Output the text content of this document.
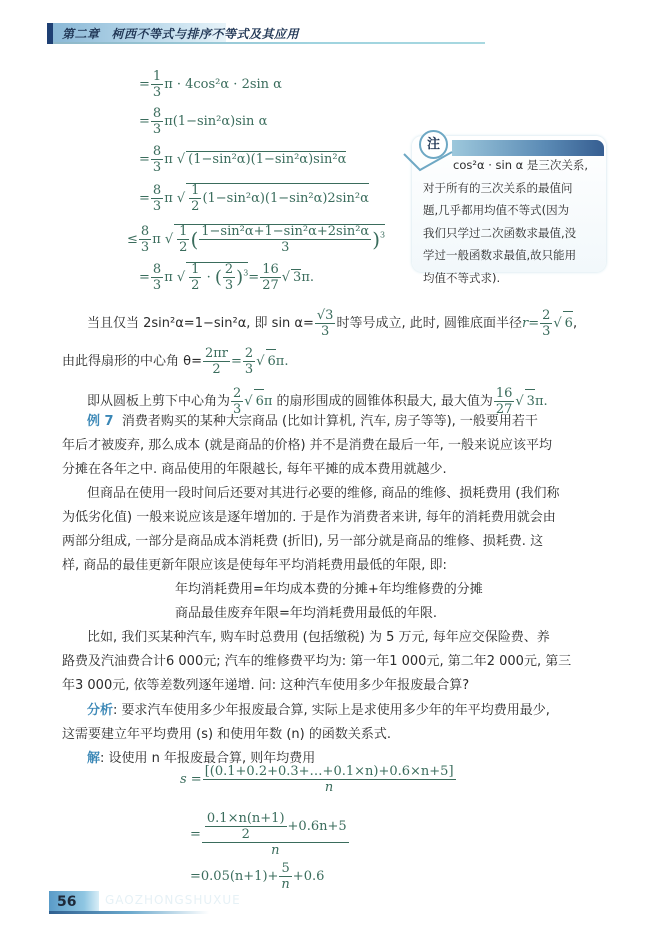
第二章 柯西不等式与排序不等式及其应用
= $\frac{1}{3}$ π · 4cos²α · 2sin α
= $\frac{8}{3} \pi(1-\sin^2\alpha)\sin$ α
= $\frac{8}{3}$ π √ (1−sin²α)(1−sin²α)sin²α
= $\frac{8}{3}$ π √ $\frac{1}{2} (1-\sin^2\alpha)(1-\sin^2\alpha)2\sin^2\alpha$
≤ $\frac{8}{3}$ π √ $\frac{1}{2}$ ( $\frac{\text{1−sin²α+1−sin²α+2sin²α}}{3} )^3$
= $\frac{8}{3}$ π √ $\frac{1}{2}$ · ( $\frac{2}{3} )^3= \frac{16}{27}$ √ 3π.
注
cos²α · sin α 是三次关系,
对于所有的三次关系的最值问
题,几乎都用均值不等式(因为
我们只学过二次函数求最值,没
学过一般函数求最值,故只能用
均值不等式求).
当且仅当 2sin²α=1−sin²α, 即 $\sin \alpha= \frac{√3}{3}$ 时等号成立, 此时, 圆锥底面半径$r= \frac{2}{3}$ √ 6,
由此得扇形的中心角 $\theta= \frac{2\pi r}{2} = \frac{2}{3}$ √ 6π.
即从圆板上剪下中心角为 $\frac{2}{3}$ √ 6π 的扇形围成的圆锥体积最大, 最大值为 $\frac{16}{27}$ √ 3π.
例 7 消费者购买的某种大宗商品 (比如计算机, 汽车, 房子等等), 一般要用若干
年后才被废弃, 那么成本 (就是商品的价格) 并不是消费在最后一年, 一般来说应该平均
分摊在各年之中. 商品使用的年限越长, 每年平摊的成本费用就越少.
但商品在使用一段时间后还要对其进行必要的维修, 商品的维修、损耗费用 (我们称
为低劣化值) 一般来说应该是逐年增加的. 于是作为消费者来讲, 每年的消耗费用就会由
两部分组成, 一部分是商品成本消耗费 (折旧), 另一部分就是商品的维修、损耗费. 这
样, 商品的最佳更新年限应该是使每年平均消耗费用最低的年限, 即:
年均消耗费用=年均成本费的分摊+年均维修费的分摊
商品最佳废弃年限=年均消耗费用最低的年限.
比如, 我们买某种汽车, 购车时总费用 (包括缴税) 为 5 万元, 每年应交保险费、养
路费及汽油费合计6 000元; 汽车的维修费平均为: 第一年1 000元, 第二年2 000元, 第三
年3 000元, 依等差数列逐年递增. 问: 这种汽车使用多少年报废最合算?
分析: 要求汽车使用多少年报废最合算, 实际上是求使用多少年的年平均费用最少,
这需要建立年平均费用 (s) 和使用年数 (n) 的函数关系式.
解: 设使用 n 年报废最合算, 则年均费用
$s = \frac{[(0.1+0.2+0.3+\dots+0.1\times n)+0.6\times n+5]}{n}$
= $\frac{\frac{0.1\times n(n+1)}{2} +0.6n+5}{n}$
$=0.05(n+1)+ \frac{5}{n} +0.6$
56 GAOZHONGSHUXUE
